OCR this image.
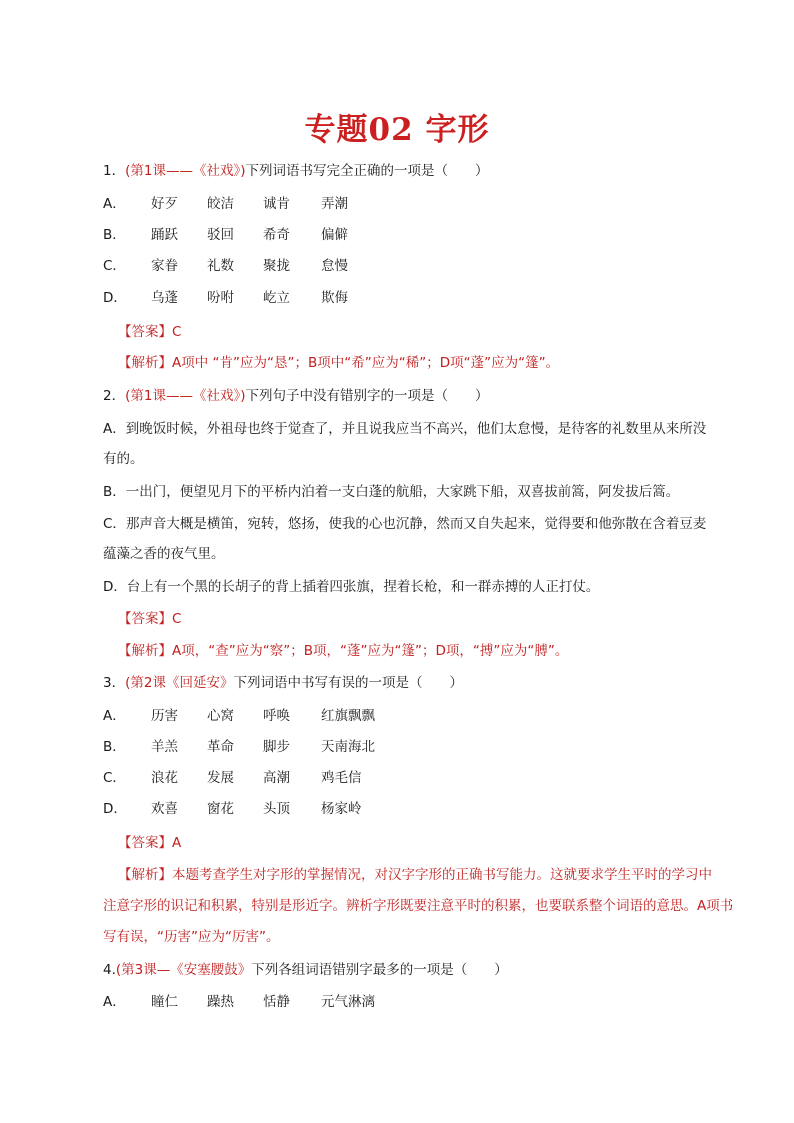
专题02 字形
1．(第1课——《社戏》)下列词语书写完全正确的一项是（　　）
A． 好歹 皎洁 诚肯 弄潮
B． 踊跃 驳回 希奇 偏僻
C． 家眷 礼数 聚拢 怠慢
D． 乌蓬 吩咐 屹立 欺侮
【答案】C
【解析】A项中 “肯”应为“恳”；B项中“希”应为“稀”；D项“蓬”应为“篷”。
2．(第1课——《社戏》)下列句子中没有错别字的一项是（　　）
A．到晚饭时候，外祖母也终于觉查了，并且说我应当不高兴，他们太怠慢，是待客的礼数里从来所没
有的。
B．一出门，便望见月下的平桥内泊着一支白蓬的航船，大家跳下船，双喜拔前篙，阿发拔后篙。
C．那声音大概是横笛，宛转，悠扬，使我的心也沉静，然而又自失起来，觉得要和他弥散在含着豆麦
蕴藻之香的夜气里。
D．台上有一个黑的长胡子的背上插着四张旗，捏着长枪，和一群赤搏的人正打仗。
【答案】C
【解析】A项，“查”应为“察”；B项，“蓬”应为“篷”；D项，“搏”应为“膊”。
3．(第2课《回延安》下列词语中书写有误的一项是（　　）
A． 历害 心窝 呼唤 红旗飘飘
B． 羊羔 革命 脚步 天南海北
C． 浪花 发展 高潮 鸡毛信
D． 欢喜 窗花 头顶 杨家岭
【答案】A
【解析】本题考查学生对字形的掌握情况，对汉字字形的正确书写能力。这就要求学生平时的学习中
注意字形的识记和积累，特别是形近字。辨析字形既要注意平时的积累，也要联系整个词语的意思。A项书
写有误，“历害”应为“厉害”。
4.(第3课—《安塞腰鼓》下列各组词语错别字最多的一项是（　　）
A． 瞳仁 躁热 恬静 元气淋漓
